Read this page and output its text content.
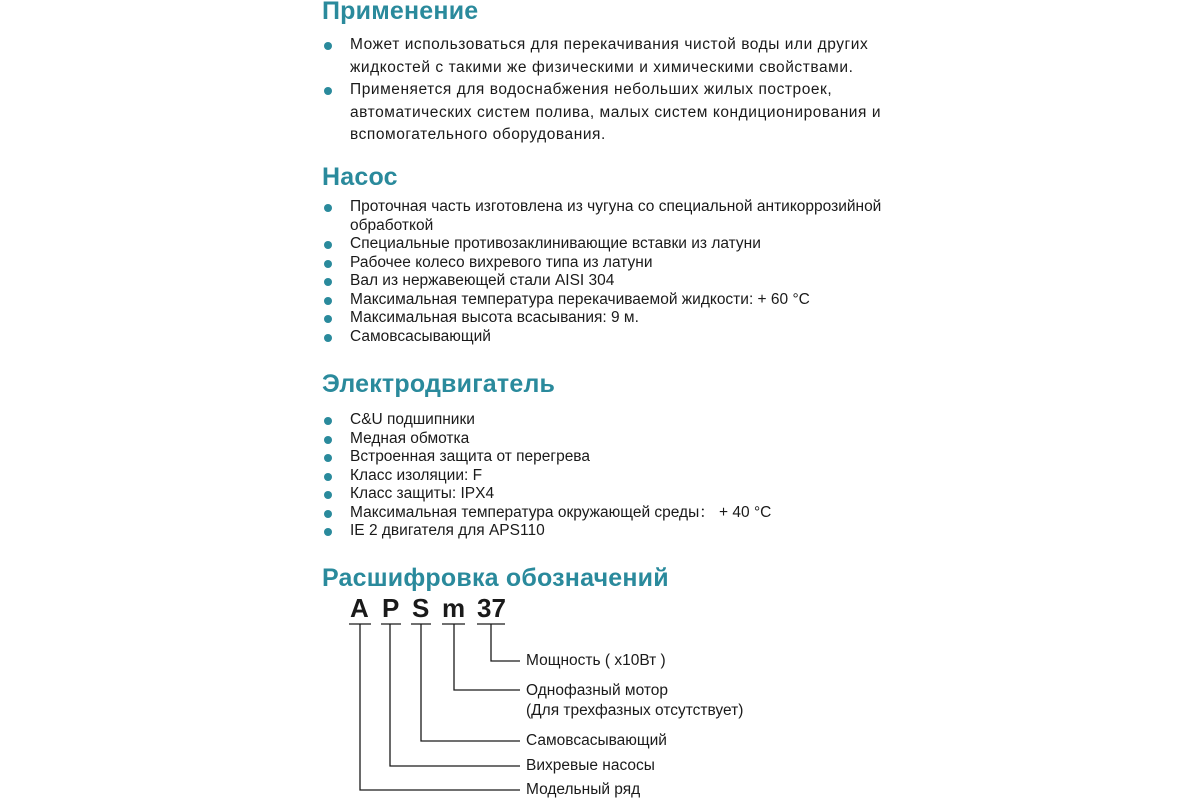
Применение
Может использоваться для перекачивания чистой воды или других жидкостей с такими же физическими и химическими свойствами.
Применяется для водоснабжения небольших жилых построек, автоматических систем полива, малых систем кондиционирования и вспомогательного оборудования.
Насос
Проточная часть изготовлена из чугуна со специальной антикоррозийной обработкой
Специальные противозаклинивающие вставки из латуни
Рабочее колесо вихревого типа из латуни
Вал из нержавеющей стали AISI 304
Максимальная температура перекачиваемой жидкости: + 60 °C
Максимальная высота всасывания: 9 м.
Самовсасывающий
Электродвигатель
C&U подшипники
Медная обмотка
Встроенная защита от перегрева
Класс изоляции: F
Класс защиты: IPX4
Максимальная температура окружающей среды： + 40 °C
IE 2 двигателя для APS110
Расшифровка обозначений
A P S m 37
Мощность ( х10Вт )
Однофазный мотор
(Для трехфазных отсутствует)
Самовсасывающий
Вихревые насосы
Модельный ряд
